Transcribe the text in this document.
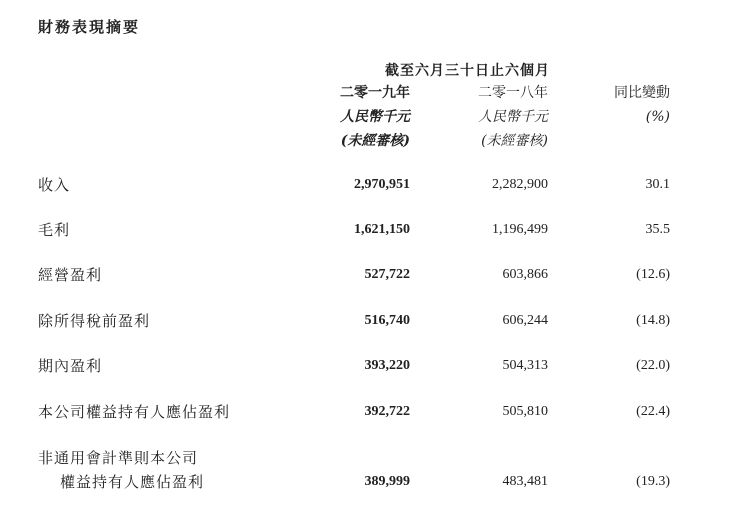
財務表現摘要
截至六月三十日止六個月
二零一九年
人民幣千元
(未經審核)
二零一八年
人民幣千元
(未經審核)
同比變動
(%)
收入	2,970,951	2,282,900	30.1
毛利	1,621,150	1,196,499	35.5
經營盈利	527,722	603,866	(12.6)
除所得稅前盈利	516,740	606,244	(14.8)
期內盈利	393,220	504,313	(22.0)
本公司權益持有人應佔盈利	392,722	505,810	(22.4)
非通用會計準則本公司
權益持有人應佔盈利	389,999	483,481	(19.3)
